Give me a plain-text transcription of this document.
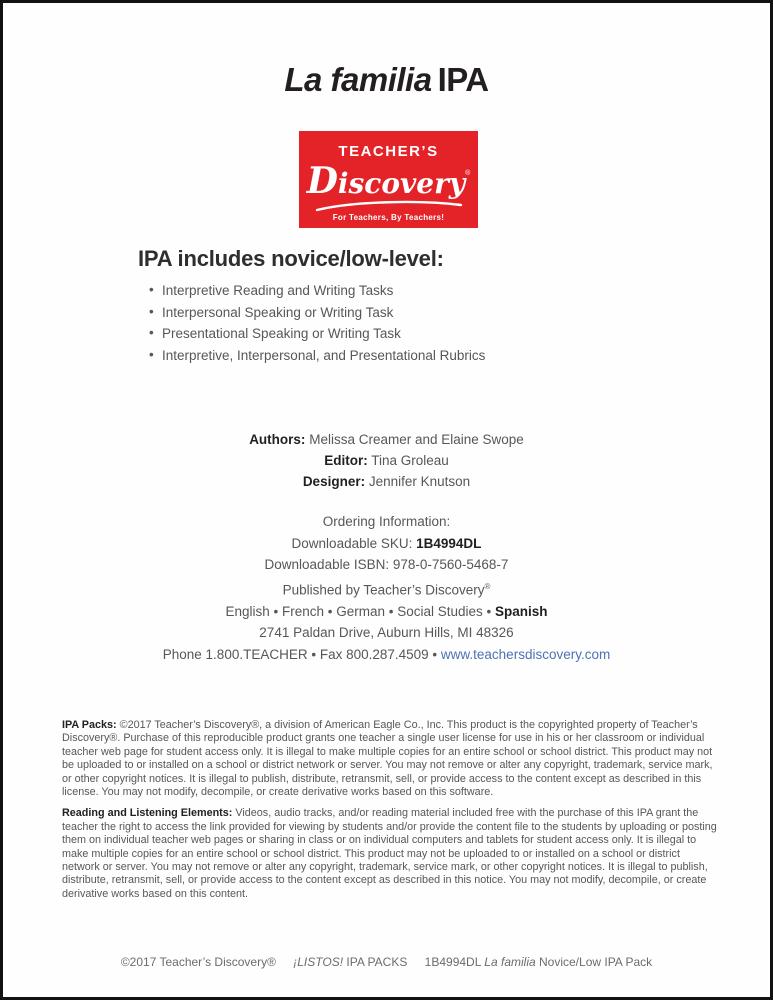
La familia IPA
TEACHER’S
Discovery®
For Teachers, By Teachers!
IPA includes novice/low-level:
• Interpretive Reading and Writing Tasks
• Interpersonal Speaking or Writing Task
• Presentational Speaking or Writing Task
• Interpretive, Interpersonal, and Presentational Rubrics
Authors: Melissa Creamer and Elaine Swope
Editor: Tina Groleau
Designer: Jennifer Knutson
Ordering Information:
Downloadable SKU: 1B4994DL
Downloadable ISBN: 978-0-7560-5468-7
Published by Teacher’s Discovery®
English • French • German • Social Studies • Spanish
2741 Paldan Drive, Auburn Hills, MI 48326
Phone 1.800.TEACHER • Fax 800.287.4509 • www.teachersdiscovery.com

IPA Packs: ©2017 Teacher’s Discovery®, a division of American Eagle Co., Inc. This product is the copyrighted property of Teacher’s Discovery®. Purchase of this reproducible product grants one teacher a single user license for use in his or her classroom or individual teacher web page for student access only. It is illegal to make multiple copies for an entire school or school district. This product may not be uploaded to or installed on a school or district network or server. You may not remove or alter any copyright, trademark, service mark, or other copyright notices. It is illegal to publish, distribute, retransmit, sell, or provide access to the content except as described in this license. You may not modify, decompile, or create derivative works based on this software.

Reading and Listening Elements: Videos, audio tracks, and/or reading material included free with the purchase of this IPA grant the teacher the right to access the link provided for viewing by students and/or provide the content file to the students by uploading or posting them on individual teacher web pages or sharing in class or on individual computers and tablets for student access only. It is illegal to make multiple copies for an entire school or school district. This product may not be uploaded to or installed on a school or district network or server. You may not remove or alter any copyright, trademark, service mark, or other copyright notices. It is illegal to publish, distribute, retransmit, sell, or provide access to the content except as described in this notice. You may not modify, decompile, or create derivative works based on this content.

©2017 Teacher’s Discovery® ¡LISTOS! IPA PACKS 1B4994DL La familia Novice/Low IPA Pack
